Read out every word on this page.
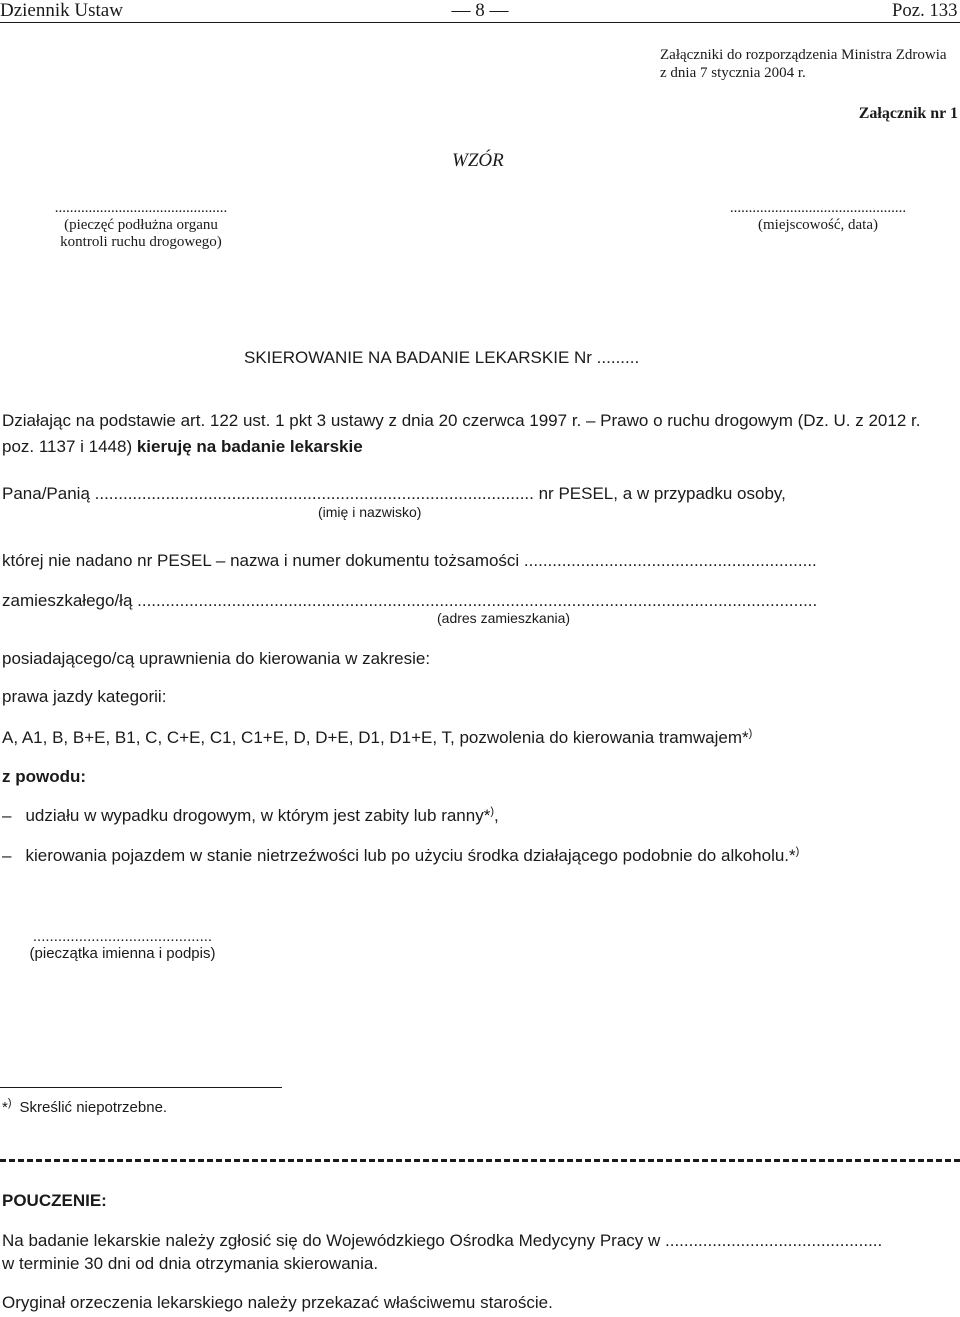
Dziennik Ustaw	— 8 —	Poz. 133
Załączniki do rozporządzenia Ministra Zdrowia
z dnia 7 stycznia 2004 r.
Załącznik nr 1
WZÓR
..............................................
(pieczęć podłużna organu
kontroli ruchu drogowego)
...............................................
(miejscowość, data)
SKIEROWANIE NA BADANIE LEKARSKIE Nr .........
Działając na podstawie art. 122 ust. 1 pkt 3 ustawy z dnia 20 czerwca 1997 r. – Prawo o ruchu drogowym (Dz. U. z 2012 r.
poz. 1137 i 1448) kieruję na badanie lekarskie
Pana/Panią ............................................................................................. nr PESEL, a w przypadku osoby,
(imię i nazwisko)
której nie nadano nr PESEL – nazwa i numer dokumentu tożsamości ..............................................................
zamieszkałego/łą ................................................................................................................................................
(adres zamieszkania)
posiadającego/cą uprawnienia do kierowania w zakresie:
prawa jazdy kategorii:
A, A1, B, B+E, B1, C, C+E, C1, C1+E, D, D+E, D1, D1+E, T, pozwolenia do kierowania tramwajem*)
z powodu:
– udziału w wypadku drogowym, w którym jest zabity lub ranny*),
– kierowania pojazdem w stanie nietrzeźwości lub po użyciu środka działającego podobnie do alkoholu.*)
...........................................
(pieczątka imienna i podpis)
*) Skreślić niepotrzebne.
POUCZENIE:
Na badanie lekarskie należy zgłosić się do Wojewódzkiego Ośrodka Medycyny Pracy w ..............................................
w terminie 30 dni od dnia otrzymania skierowania.
Oryginał orzeczenia lekarskiego należy przekazać właściwemu staroście.
